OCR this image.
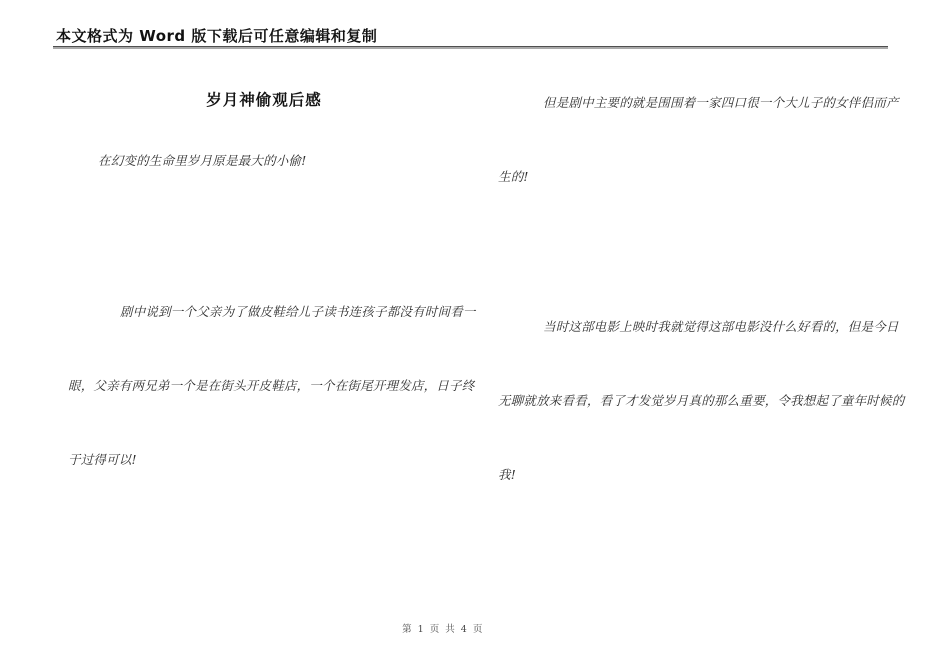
本文格式为 Word 版下载后可任意编辑和复制
岁月神偷观后感
在幻变的生命里岁月原是最大的小偷!
剧中说到一个父亲为了做皮鞋给儿子读书连孩子都没有时间看一
眼，父亲有两兄弟一个是在街头开皮鞋店，一个在街尾开理发店，日子终
于过得可以!
但是剧中主要的就是围围着一家四口很一个大儿子的女伴侣而产
生的!
当时这部电影上映时我就觉得这部电影没什么好看的，但是今日
无聊就放来看看，看了才发觉岁月真的那么重要，令我想起了童年时候的
我!
第 1 页 共 4 页
